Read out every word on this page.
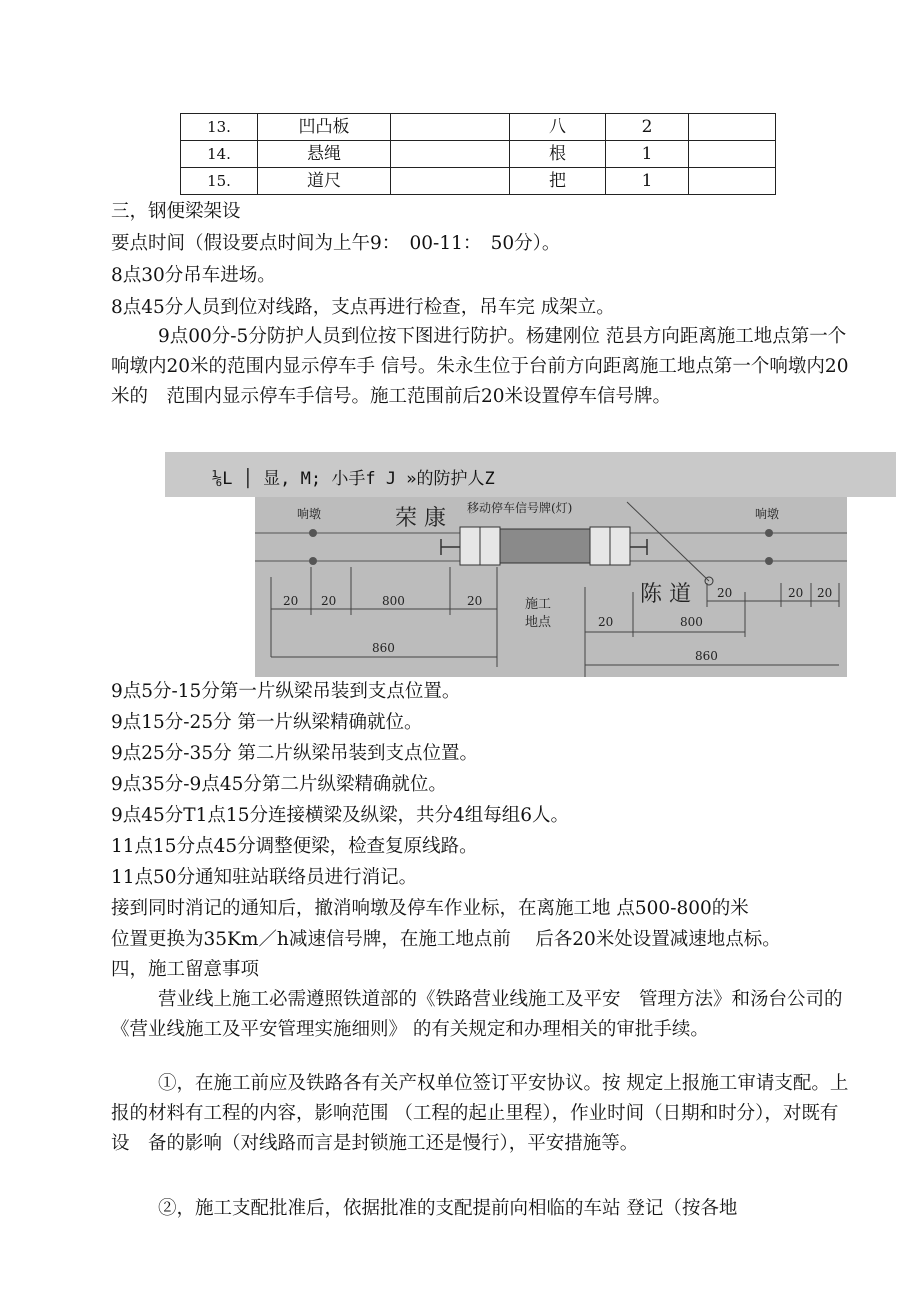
13.	凹凸板		八	2	
14.	悬绳		根	1	
15.	道尺		把	1	
三，钢便梁架设
要点时间（假设要点时间为上午9：　00-11：　50分）。
8点30分吊车进场。
8点45分人员到位对线路，支点再进行检查，吊车完 成架立。
9点00分-5分防护人员到位按下图进行防护。杨建刚位 范县方向距离施工地点第一个响墩内20米的范围内显示停车手 信号。朱永生位于台前方向距离施工地点第一个响墩内20米的　范围内显示停车手信号。施工范围前后20米设置停车信号牌。
⅙L │ 显, M; 小手f J »的防护人Z
响墩	响墩
荣 康 移动停车信号牌(灯)
陈 道
施工
地点
20 20	800	20
20	800
20	20 20
860
860
9点5分-15分第一片纵梁吊装到支点位置。
9点15分-25分 第一片纵梁精确就位。
9点25分-35分 第二片纵梁吊装到支点位置。
9点35分-9点45分第二片纵梁精确就位。
9点45分T1点15分连接横梁及纵梁，共分4组每组6人。
11点15分点45分调整便梁，检查复原线路。
11点50分通知驻站联络员进行消记。
接到同时消记的通知后，撤消响墩及停车作业标，在离施工地 点500-800的米
位置更换为35Km／h减速信号牌，在施工地点前　 后各20米处设置减速地点标。
四，施工留意事项
营业线上施工必需遵照铁道部的《铁路营业线施工及平安　管理方法》和汤台公司的《营业线施工及平安管理实施细则》 的有关规定和办理相关的审批手续。
①，在施工前应及铁路各有关产权单位签订平安协议。按 规定上报施工审请支配。上报的材料有工程的内容，影响范围 （工程的起止里程），作业时间（日期和时分），对既有设　备的影响（对线路而言是封锁施工还是慢行），平安措施等。
②，施工支配批准后，依据批准的支配提前向相临的车站 登记（按各地
